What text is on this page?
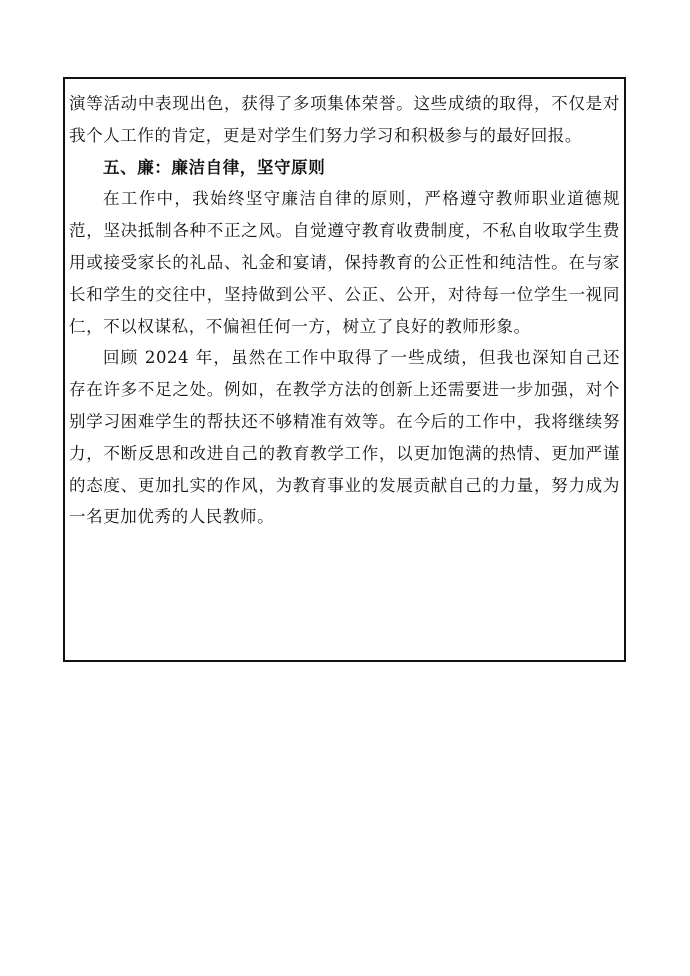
演等活动中表现出色，获得了多项集体荣誉。这些成绩的取得，不仅是对我个人工作的肯定，更是对学生们努力学习和积极参与的最好回报。

五、廉：廉洁自律，坚守原则

在工作中，我始终坚守廉洁自律的原则，严格遵守教师职业道德规范，坚决抵制各种不正之风。自觉遵守教育收费制度，不私自收取学生费用或接受家长的礼品、礼金和宴请，保持教育的公正性和纯洁性。在与家长和学生的交往中，坚持做到公平、公正、公开，对待每一位学生一视同仁，不以权谋私，不偏袒任何一方，树立了良好的教师形象。

回顾 2024 年，虽然在工作中取得了一些成绩，但我也深知自己还存在许多不足之处。例如，在教学方法的创新上还需要进一步加强，对个别学习困难学生的帮扶还不够精准有效等。在今后的工作中，我将继续努力，不断反思和改进自己的教育教学工作，以更加饱满的热情、更加严谨的态度、更加扎实的作风，为教育事业的发展贡献自己的力量，努力成为一名更加优秀的人民教师。
